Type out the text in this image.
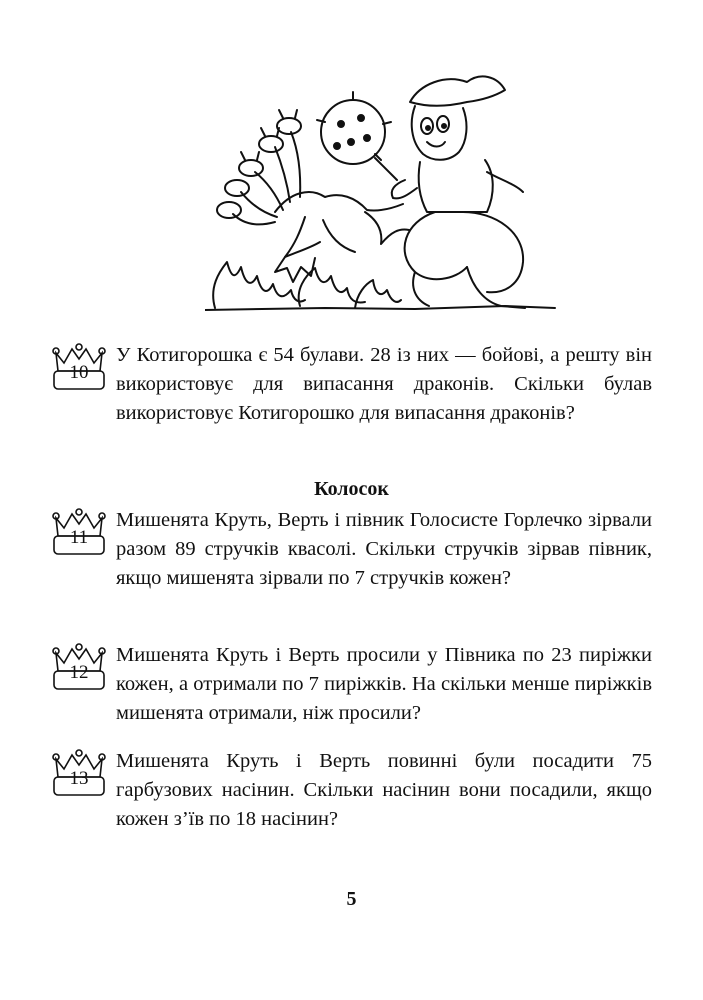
10

У Котигорошка є 54 булави. 28 із них — бойові, а решту він використовує для випасання драконів. Скільки булав використовує Котигорошко для випасання драконів?

Колосок
11

Мишенята Круть, Верть і півник Голосисте Горлечко зірвали разом 89 стручків квасолі. Скільки стручків зірвав півник, якщо мишенята зірвали по 7 стручків кожен?

12

Мишенята Круть і Верть просили у Півника по 23 пиріжки кожен, а отримали по 7 пиріжків. На скільки менше пиріжків мишенята отримали, ніж просили?

13

Мишенята Круть і Верть повинні були посадити 75 гарбузових насінин. Скільки насінин вони посадили, якщо кожен з’їв по 18 насінин?

5
